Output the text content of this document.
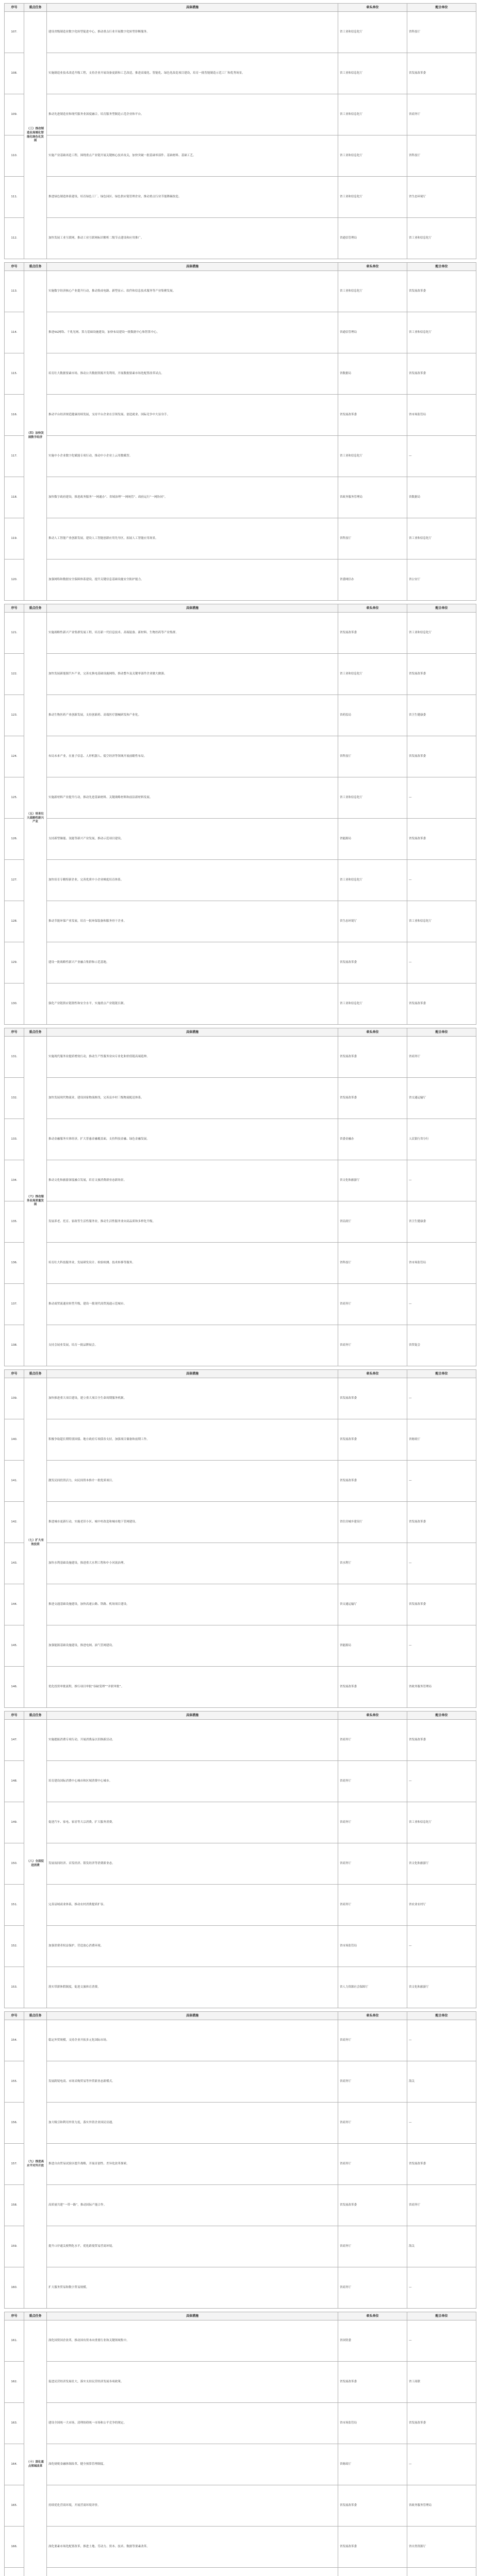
序号	重点任务	具体措施	牵头单位	配合单位
107.	（三）推动制造业高端化智能化绿色化发展	建设省级制造业数字化转型促进中心，推动重点行业开展数字化转型诊断服务。	省工业和信息化厅	省科技厅
108.		实施制造业技术改造升级工程，支持企业开展设备更新和工艺改造，推进高端化、智能化、绿色化改造项目建设，培育一批智能制造示范工厂和优秀场景。	省工业和信息化厅	省发展改革委
109.		推动先进制造业和现代服务业深度融合，培育服务型制造示范企业和平台。	省工业和信息化厅	省商务厅
110.		实施产业基础再造工程，围绕重点产业链开展关键核心技术攻关，加快突破一批基础零部件、基础材料、基础工艺。	省工业和信息化厅	省科技厅
111.		推进绿色制造体系建设，培育绿色工厂、绿色园区、绿色供应链管理企业，推动重点行业节能降碳改造。	省工业和信息化厅	省生态环境厅
112.		加快发展工业互联网，推动工业互联网标识解析二级节点建设和应用推广。	省通信管理局	省工业和信息化厅
序号	重点任务	具体措施	牵头单位	配合单位
113.	（四）加快发展数字经济	实施数字经济核心产业提升行动，推动集成电路、新型显示、软件和信息技术服务等产业集聚发展。	省工业和信息化厅	省发展改革委
114.		推进5G网络、千兆光网、算力基础设施建设，加快布局建设一批数据中心和智算中心。	省通信管理局	省工业和信息化厅
115.		培育壮大数据要素市场，推动公共数据资源开发利用，开展数据要素市场化配置改革试点。	省数据局	省发展改革委
116.		推动平台经济规范健康持续发展，支持平台企业在引领发展、创造就业、国际竞争中大显身手。	省发展改革委	省市场监管局
117.		实施中小企业数字化赋能专项行动，推动中小企业上云用数赋智。	省工业和信息化厅	—
118.		加快数字政府建设，推进政务服务“一网通办”、省域治理“一网统管”、政府运行“一网协同”。	省政务服务管理局	省数据局
119.		推动人工智能产业创新发展，建设人工智能创新应用先导区，拓展人工智能应用场景。	省科技厅	省工业和信息化厅
120.		加强网络和数据安全保障体系建设，提升关键信息基础设施安全防护能力。	省委网信办	省公安厅
序号	重点任务	具体措施	牵头单位	配合单位
121.	（五）培育壮大战略性新兴产业	实施战略性新兴产业集群发展工程，培育新一代信息技术、高端装备、新材料、生物医药等产业集群。	省发展改革委	省工业和信息化厅
122.		加快发展新能源汽车产业，完善充换电基础设施网络，推动整车及关键零部件企业做大做强。	省工业和信息化厅	省发展改革委
123.		推动生物医药产业创新发展，支持创新药、高端医疗器械研发和产业化。	省药监局	省卫生健康委
124.		布局未来产业，在量子信息、人形机器人、低空经济等领域开展前瞻性布局。	省科技厅	省发展改革委
125.		实施新材料产业提升行动，推动先进基础材料、关键战略材料和前沿新材料发展。	省工业和信息化厅	—
126.		支持新型储能、氢能等新兴产业发展，推动示范项目建设。	省能源局	省发展改革委
127.		加快培育专精特新企业，完善优质中小企业梯度培育体系。	省工业和信息化厅	—
128.		推动节能环保产业发展，培育一批环保装备和服务骨干企业。	省生态环境厅	省工业和信息化厅
129.		建设一批战略性新兴产业融合集群和示范基地。	省发展改革委	—
130.		强化产业链供应链韧性和安全水平，实施重点产业链链长制。	省工业和信息化厅	省发展改革委
序号	重点任务	具体措施	牵头单位	配合单位
131.	（六）推动服务业高质量发展	实施现代服务业提质增效行动，推动生产性服务业向专业化和价值链高端延伸。	省发展改革委	省商务厅
132.		加快发展现代物流业，建设国家物流枢纽，完善县乡村三级物流配送体系。	省发展改革委	省交通运输厅
133.		推动金融服务实体经济，扩大普惠金融覆盖面，支持科技金融、绿色金融发展。	省委金融办	人民银行省分行
134.		推动文化和旅游深度融合发展，培育文旅消费新业态新场景。	省文化和旅游厅	—
135.		发展养老、托育、家政等生活性服务业，推动生活性服务业向高品质和多样化升级。	省民政厅	省卫生健康委
136.		培育壮大科技服务业，发展研发设计、检验检测、技术转移等服务。	省科技厅	省市场监管局
137.		推动商贸流通业转型升级，建设一批现代商贸流通示范城市。	省商务厅	—
138.		支持会展业发展，培育一批品牌展会。	省商务厅	省贸促会
序号	重点任务	具体措施	牵头单位	配合单位
139.	（七）扩大有效投资	加快推进重大项目建设，建立重大项目全生命周期服务机制。	省发展改革委	—
140.		积极争取超长期特别国债、地方政府专项债券支持，加强项目储备和前期工作。	省发展改革委	省财政厅
141.		激发民间投资活力，向民间资本推介一批优质项目。	省发展改革委	—
142.		推进城市更新行动，实施老旧小区、城中村改造和城市地下管网建设。	省住房城乡建设厅	省发展改革委
143.		加快水利基础设施建设，推进重大水利工程和中小河流治理。	省水利厅	—
144.		推进交通基础设施建设，加快高速公路、铁路、机场项目建设。	省交通运输厅	省发展改革委
145.		加强能源基础设施建设，推进电网、油气管网建设。	省能源局	—
146.		优化投资审批流程，推行项目审批“容缺受理”“并联审批”。	省发展改革委	省政务服务管理局
序号	重点任务	具体措施	牵头单位	配合单位
147.	（八）全面促进消费	实施提振消费专项行动，开展消费品以旧换新活动。	省商务厅	省发展改革委
148.		培育建设国际消费中心城市和区域消费中心城市。	省商务厅	—
149.		促进汽车、家电、家居等大宗消费，扩大服务消费。	省商务厅	省工业和信息化厅
150.		发展夜间经济、首发经济、银发经济等消费新业态。	省商务厅	省文化和旅游厅
151.		完善县域商业体系，推动农村消费提质扩容。	省商务厅	省农业农村厅
152.		加强消费者权益保护，营造放心消费环境。	省市场监管局	—
153.		落实带薪休假制度，促进文旅体育消费。	省人力资源社会保障厅	省文化和旅游厅
序号	重点任务	具体措施	牵头单位	配合单位
154.	（九）推进高水平对外开放	稳定外贸规模，支持企业开拓多元化国际市场。	省商务厅	—
155.		发展跨境电商、市场采购贸易等外贸新业态新模式。	省商务厅	海关
156.		加大吸引和利用外资力度，落实外资企业国民待遇。	省商务厅	—
157.		推进自由贸易试验区提升战略，开展首创性、差异化改革探索。	省商务厅	省发展改革委
158.		高质量共建“一带一路”，推动国际产能合作。	省发展改革委	省商务厅
159.		提升口岸通关便利化水平，优化跨境贸易营商环境。	省商务厅	海关
160.		扩大服务贸易和数字贸易规模。	省商务厅	—
序号	重点任务	具体措施	牵头单位	配合单位
161.	（十）深化重点领域改革	深化国资国企改革，推动国有资本向重要行业和关键领域集中。	省国资委	—
162.		促进民营经济发展壮大，落实支持民营经济发展各项政策。	省发展改革委	省工商联
163.		建设全国统一大市场，清理妨碍统一市场和公平竞争的规定。	省市场监管局	省发展改革委
164.		深化财税金融体制改革，健全预算管理制度。	省财政厅	—
165.		持续优化营商环境，开展营商环境评价。	省发展改革委	省政务服务管理局
166.		深化要素市场化配置改革，推进土地、劳动力、资本、技术、数据等要素改革。	省发展改革委	省自然资源厅
